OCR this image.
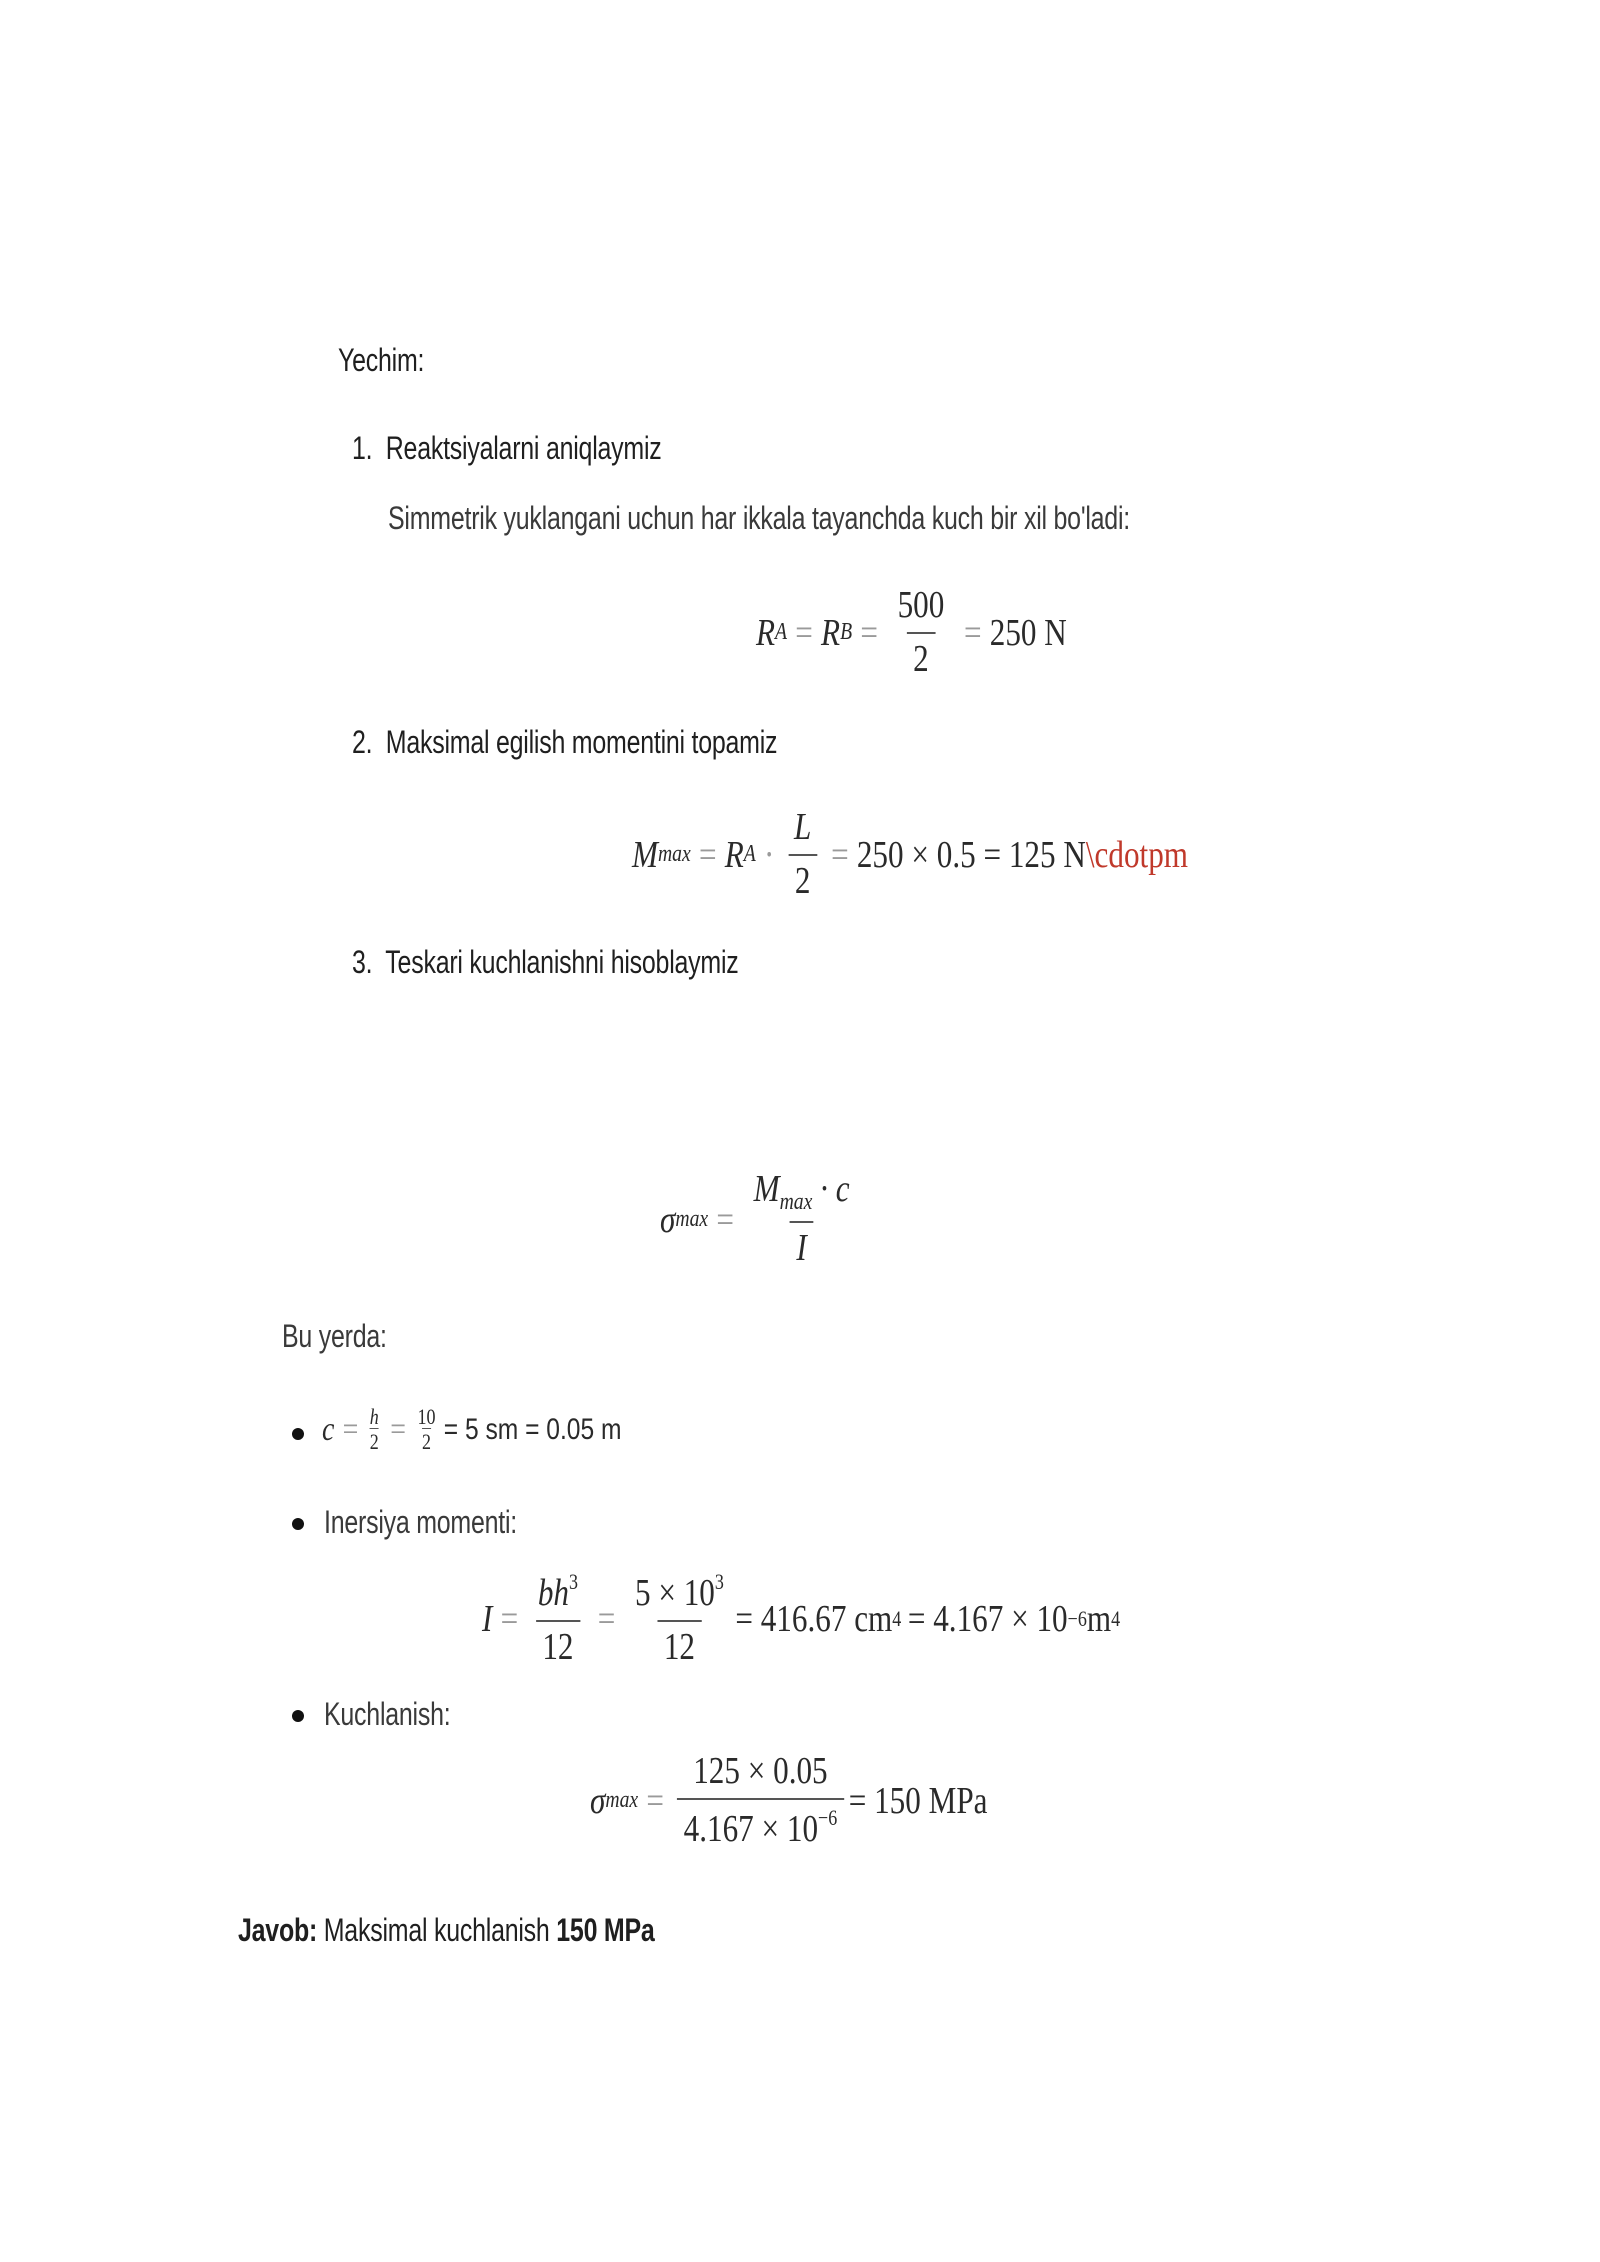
Yechim:
1. Reaktsiyalarni aniqlaymiz
Simmetrik yuklangani uchun har ikkala tayanchda kuch bir xil bo'ladi:
R A = R $B = \frac{500}{2} = 250$ N
2. Maksimal egilish momentini topamiz
M max = R $A \cdot \frac{L}{2} = 250 \times 0.5 = 125$ N \cdotpm
3. Teskari kuchlanishni hisoblaymiz
σ $\max = \frac{M_{max} \cdot c}{I}$
Bu yerda:
$c = \frac{h}{2} = \frac{10}{2} = 5$ sm = 0.05 m
Inersiya momenti:
$I = \frac{bh^3}{12} = \frac{5 \times 10^3}{12} = 416.67$ cm 4 = 4.167 × 10 −6 m 4
Kuchlanish:
σ $\max = \frac{125 \times 0.05}{4.167 \times 10^{-6}} = 150$ MPa
Javob: Maksimal kuchlanish 150 MPa
